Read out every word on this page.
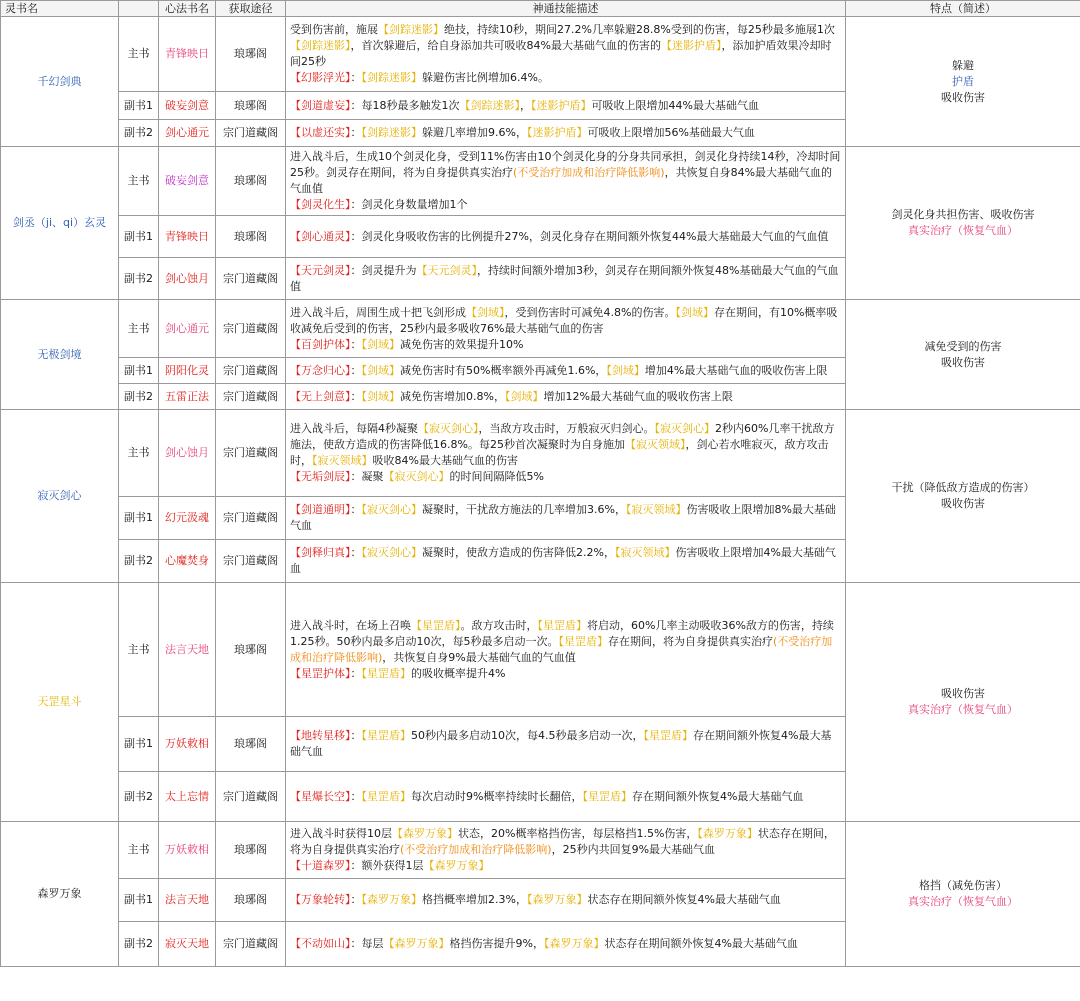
灵书名		心法书名	获取途径	神通技能描述	特点（简述）
千幻剑典	主书	青锋映日	琅琊阁	受到伤害前，施展【剑踪迷影】绝技，持续10秒，期间27.2%几率躲避28.8%受到的伤害，每25秒最多施展1次【剑踪迷影】，首次躲避后，给自身添加共可吸收84%最大基础气血的伤害的【迷影护盾】，添加护盾效果冷却时间25秒
【幻影浮光】：【剑踪迷影】躲避伤害比例增加6.4%。	躲避
护盾
吸收伤害

	副书1	破妄剑意	琅琊阁	【剑道虚妄】：每18秒最多触发1次【剑踪迷影】，【迷影护盾】可吸收上限增加44%最大基础气血	
	副书2	剑心通元	宗门道藏阁	【以虚还实】：【剑踪迷影】躲避几率增加9.6%，【迷影护盾】可吸收上限增加56%基础最大气血	
剑丞（ji、qi）玄灵	主书	破妄剑意	琅琊阁	进入战斗后，生成10个剑灵化身，受到11%伤害由10个剑灵化身的分身共同承担，剑灵化身持续14秒，冷却时间25秒。剑灵存在期间，将为自身提供真实治疗(不受治疗加成和治疗降低影响)，共恢复自身84%最大基础气血的气血值
【剑灵化生】：剑灵化身数量增加1个	剑灵化身共担伤害、吸收伤害
真实治疗（恢复气血）

	副书1	青锋映日	琅琊阁	【剑心通灵】：剑灵化身吸收伤害的比例提升27%，剑灵化身存在期间额外恢复44%最大基础最大气血的气血值	
	副书2	剑心蚀月	宗门道藏阁	【天元剑灵】：剑灵提升为【天元剑灵】，持续时间额外增加3秒，剑灵存在期间额外恢复48%基础最大气血的气血值	
无极剑境	主书	剑心通元	宗门道藏阁	进入战斗后，周围生成十把飞剑形成【剑域】，受到伤害时可减免4.8%的伤害。【剑域】存在期间，有10%概率吸收减免后受到的伤害，25秒内最多吸收76%最大基础气血的伤害
【百剑护体】：【剑域】减免伤害的效果提升10%	减免受到的伤害
吸收伤害

	副书1	阴阳化灵	宗门道藏阁	【万念归心】：【剑域】减免伤害时有50%概率额外再减免1.6%，【剑域】增加4%最大基础气血的吸收伤害上限	
	副书2	五雷正法	宗门道藏阁	【无上剑意】：【剑域】减免伤害增加0.8%，【剑域】增加12%最大基础气血的吸收伤害上限	
寂灭剑心	主书	剑心蚀月	宗门道藏阁	进入战斗后，每隔4秒凝聚【寂灭剑心】，当敌方攻击时，万般寂灭归剑心。【寂灭剑心】2秒内60%几率干扰敌方施法，使敌方造成的伤害降低16.8%。每25秒首次凝聚时为自身施加【寂灭领域】，剑心若水唯寂灭，敌方攻击时，【寂灭领域】吸收84%最大基础气血的伤害
【无垢剑辰】：凝聚【寂灭剑心】的时间间隔降低5%	干扰（降低敌方造成的伤害）
吸收伤害

	副书1	幻元汲魂	宗门道藏阁	【剑道通明】：【寂灭剑心】凝聚时，干扰敌方施法的几率增加3.6%，【寂灭领域】伤害吸收上限增加8%最大基础气血	
	副书2	心魔焚身	宗门道藏阁	【剑释归真】：【寂灭剑心】凝聚时，使敌方造成的伤害降低2.2%，【寂灭领域】伤害吸收上限增加4%最大基础气血	
天罡星斗	主书	法言天地	琅琊阁	进入战斗时，在场上召唤【星罡盾】。敌方攻击时，【星罡盾】将启动，60%几率主动吸收36%敌方的伤害，持续1.25秒。50秒内最多启动10次，每5秒最多启动一次。【星罡盾】存在期间，将为自身提供真实治疗(不受治疗加成和治疗降低影响)，共恢复自身9%最大基础气血的气血值
【星罡护体】：【星罡盾】的吸收概率提升4%	吸收伤害
真实治疗（恢复气血）

	副书1	万妖敕相	琅琊阁	【地转星移】：【星罡盾】50秒内最多启动10次，每4.5秒最多启动一次，【星罡盾】存在期间额外恢复4%最大基础气血	
	副书2	太上忘情	宗门道藏阁	【星爆长空】：【星罡盾】每次启动时9%概率持续时长翻倍，【星罡盾】存在期间额外恢复4%最大基础气血	
森罗万象	主书	万妖敕相	琅琊阁	进入战斗时获得10层【森罗万象】状态，20%概率格挡伤害，每层格挡1.5%伤害，【森罗万象】状态存在期间，将为自身提供真实治疗(不受治疗加成和治疗降低影响)，25秒内共回复9%最大基础气血
【十道森罗】：额外获得1层【森罗万象】	格挡（减免伤害）
真实治疗（恢复气血）

	副书1	法言天地	琅琊阁	【万象轮转】：【森罗万象】格挡概率增加2.3%，【森罗万象】状态存在期间额外恢复4%最大基础气血	
	副书2	寂灭天地	宗门道藏阁	【不动如山】：每层【森罗万象】格挡伤害提升9%，【森罗万象】状态存在期间额外恢复4%最大基础气血	
